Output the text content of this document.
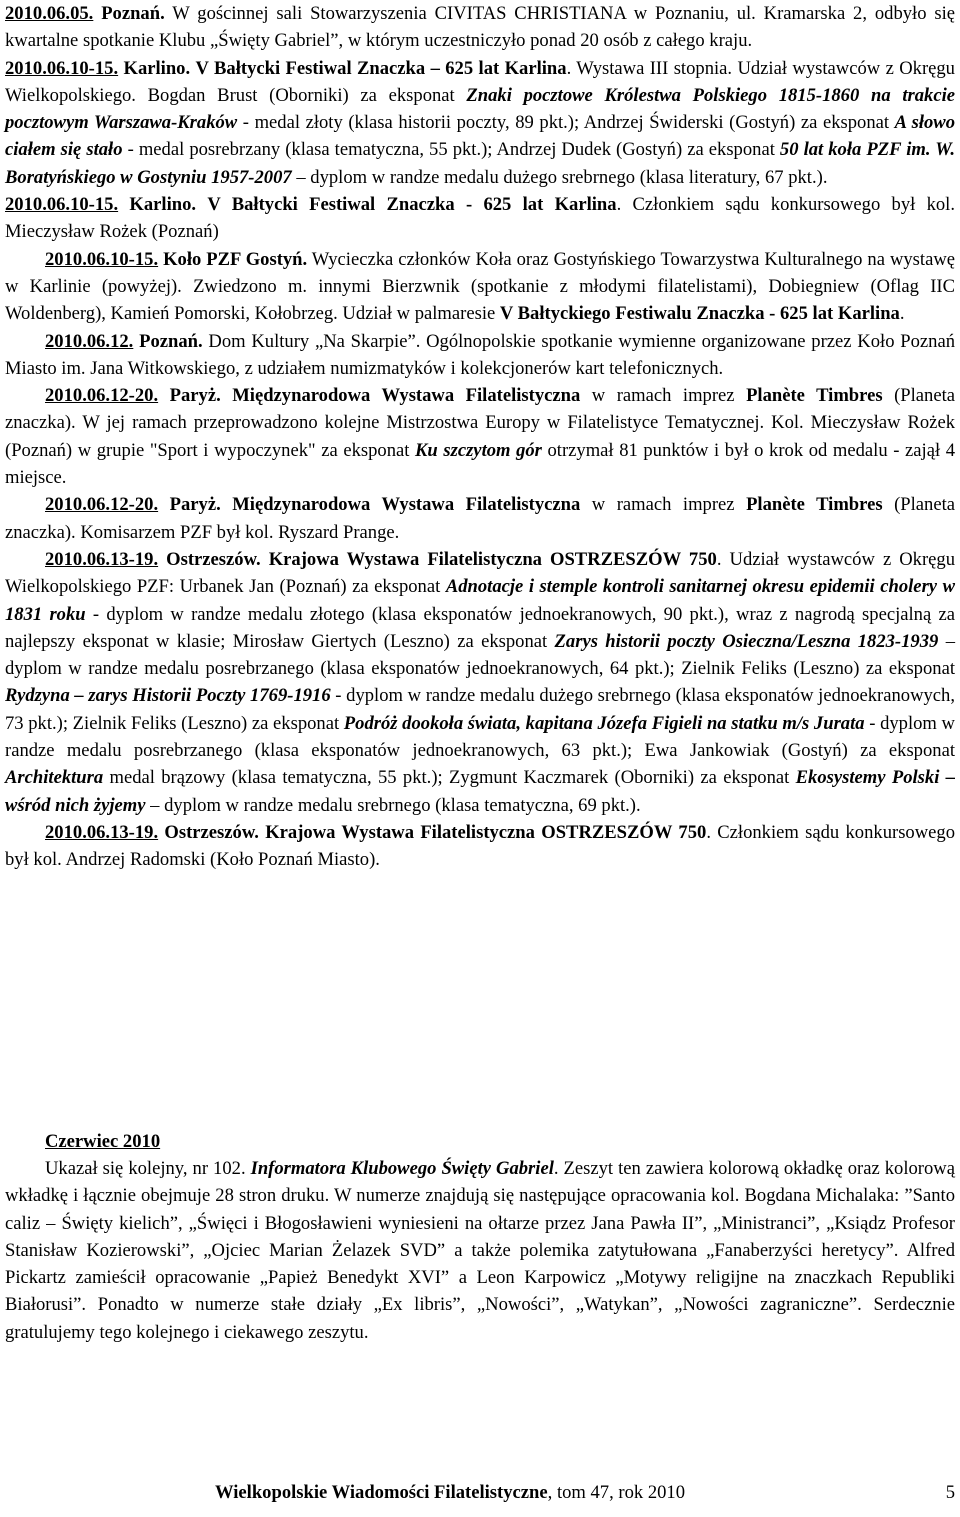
2010.06.05. Poznań. W gościnnej sali Stowarzyszenia CIVITAS CHRISTIANA w Poznaniu, ul. Kramarska 2, odbyło się kwartalne spotkanie Klubu „Święty Gabriel”, w którym uczestniczyło ponad 20 osób z całego kraju.

2010.06.10-15. Karlino. V Bałtycki Festiwal Znaczka – 625 lat Karlina. Wystawa III stopnia. Udział wystawców z Okręgu Wielkopolskiego. Bogdan Brust (Oborniki) za eksponat Znaki pocztowe Królestwa Polskiego 1815-1860 na trakcie pocztowym Warszawa-Kraków - medal złoty (klasa historii poczty, 89 pkt.); Andrzej Świderski (Gostyń) za eksponat A słowo ciałem się stało - medal posrebrzany (klasa tematyczna, 55 pkt.); Andrzej Dudek (Gostyń) za eksponat 50 lat koła PZF im. W. Boratyńskiego w Gostyniu 1957-2007 – dyplom w randze medalu dużego srebrnego (klasa literatury, 67 pkt.).

2010.06.10-15. Karlino. V Bałtycki Festiwal Znaczka - 625 lat Karlina. Członkiem sądu konkursowego był kol. Mieczysław Rożek (Poznań)

2010.06.10-15. Koło PZF Gostyń. Wycieczka członków Koła oraz Gostyńskiego Towarzystwa Kulturalnego na wystawę w Karlinie (powyżej). Zwiedzono m. innymi Bierzwnik (spotkanie z młodymi filatelistami), Dobiegniew (Oflag IIC Woldenberg), Kamień Pomorski, Kołobrzeg. Udział w palmaresie V Bałtyckiego Festiwalu Znaczka - 625 lat Karlina.

2010.06.12. Poznań. Dom Kultury „Na Skarpie”. Ogólnopolskie spotkanie wymienne organizowane przez Koło Poznań Miasto im. Jana Witkowskiego, z udziałem numizmatyków i kolekcjonerów kart telefonicznych.

2010.06.12-20. Paryż. Międzynarodowa Wystawa Filatelistyczna w ramach imprez Planète Timbres (Planeta znaczka). W jej ramach przeprowadzono kolejne Mistrzostwa Europy w Filatelistyce Tematycznej. Kol. Mieczysław Rożek (Poznań) w grupie "Sport i wypoczynek" za eksponat Ku szczytom gór otrzymał 81 punktów i był o krok od medalu - zajął 4 miejsce.

2010.06.12-20. Paryż. Międzynarodowa Wystawa Filatelistyczna w ramach imprez Planète Timbres (Planeta znaczka). Komisarzem PZF był kol. Ryszard Prange.

2010.06.13-19. Ostrzeszów. Krajowa Wystawa Filatelistyczna OSTRZESZÓW 750. Udział wystawców z Okręgu Wielkopolskiego PZF: Urbanek Jan (Poznań) za eksponat Adnotacje i stemple kontroli sanitarnej okresu epidemii cholery w 1831 roku - dyplom w randze medalu złotego (klasa eksponatów jednoekranowych, 90 pkt.), wraz z nagrodą specjalną za najlepszy eksponat w klasie; Mirosław Giertych (Leszno) za eksponat Zarys historii poczty Osieczna/Leszna 1823-1939 – dyplom w randze medalu posrebrzanego (klasa eksponatów jednoekranowych, 64 pkt.); Zielnik Feliks (Leszno) za eksponat Rydzyna – zarys Historii Poczty 1769-1916 - dyplom w randze medalu dużego srebrnego (klasa eksponatów jednoekranowych, 73 pkt.); Zielnik Feliks (Leszno) za eksponat Podróż dookoła świata, kapitana Józefa Figieli na statku m/s Jurata - dyplom w randze medalu posrebrzanego (klasa eksponatów jednoekranowych, 63 pkt.); Ewa Jankowiak (Gostyń) za eksponat Architektura medal brązowy (klasa tematyczna, 55 pkt.); Zygmunt Kaczmarek (Oborniki) za eksponat Ekosystemy Polski – wśród nich żyjemy – dyplom w randze medalu srebrnego (klasa tematyczna, 69 pkt.).

2010.06.13-19. Ostrzeszów. Krajowa Wystawa Filatelistyczna OSTRZESZÓW 750. Członkiem sądu konkursowego był kol. Andrzej Radomski (Koło Poznań Miasto).

Czerwiec 2010

Ukazał się kolejny, nr 102. Informatora Klubowego Święty Gabriel. Zeszyt ten zawiera kolorową okładkę oraz kolorową wkładkę i łącznie obejmuje 28 stron druku. W numerze znajdują się następujące opracowania kol. Bogdana Michalaka: ”Santo caliz – Święty kielich”, „Święci i Błogosławieni wyniesieni na ołtarze przez Jana Pawła II”, „Ministranci”, „Ksiądz Profesor Stanisław Kozierowski”, „Ojciec Marian Żelazek SVD” a także polemika zatytułowana „Fanaberzyści heretycy”. Alfred Pickartz zamieścił opracowanie „Papież Benedykt XVI” a Leon Karpowicz „Motywy religijne na znaczkach Republiki Białorusi”. Ponadto w numerze stałe działy „Ex libris”, „Nowości”, „Watykan”, „Nowości zagraniczne”. Serdecznie gratulujemy tego kolejnego i ciekawego zeszytu.

Wielkopolskie Wiadomości Filatelistyczne, tom 47, rok 2010	5
